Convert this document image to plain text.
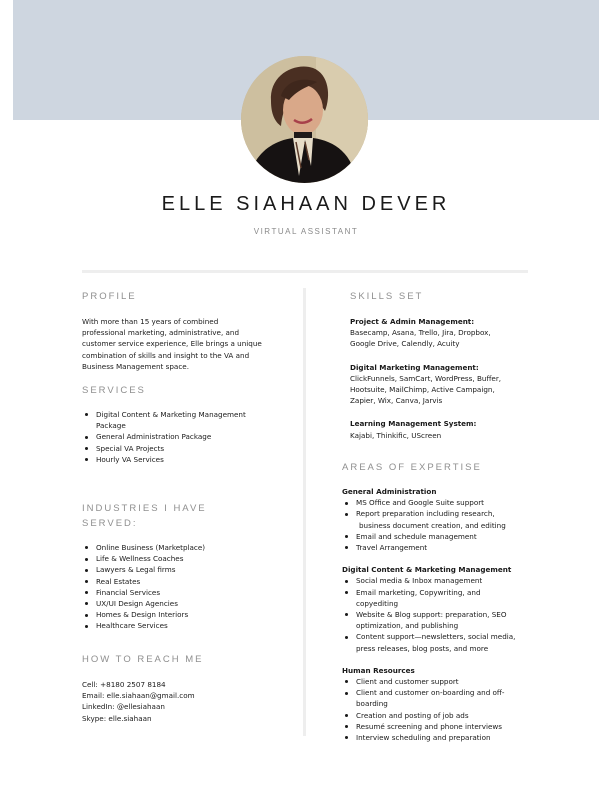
ELLE SIAHAAN DEVER
VIRTUAL ASSISTANT
PROFILE
With more than 15 years of combined professional marketing, administrative, and customer service experience, Elle brings a unique combination of skills and insight to the VA and Business Management space.
SERVICES
Digital Content & Marketing Management Package
General Administration Package
Special VA Projects
Hourly VA Services
INDUSTRIES I HAVE
SERVED:
Online Business (Marketplace)
Life & Wellness Coaches
Lawyers & Legal firms
Real Estates
Financial Services
UX/UI Design Agencies
Homes & Design Interiors
Healthcare Services
HOW TO REACH ME
Cell: +8180 2507 8184
Email: elle.siahaan@gmail.com
LinkedIn: @ellesiahaan
Skype: elle.siahaan
SKILLS SET
Project & Admin Management:
Basecamp, Asana, Trello, Jira, Dropbox,
Google Drive, Calendly, Acuity
Digital Marketing Management:
ClickFunnels, SamCart, WordPress, Buffer,
Hootsuite, MailChimp, Active Campaign,
Zapier, Wix, Canva, Jarvis
Learning Management System:
Kajabi, Thinkific, UScreen
AREAS OF EXPERTISE
General Administration
MS Office and Google Suite support
Report preparation including research,
business document creation, and editing
Email and schedule management
Travel Arrangement
Digital Content & Marketing Management
Social media & Inbox management
Email marketing, Copywriting, and copyediting
Website & Blog support: preparation, SEO optimization, and publishing
Content support—newsletters, social media, press releases, blog posts, and more
Human Resources
Client and customer support
Client and customer on-boarding and off-boarding
Creation and posting of job ads
Resumé screening and phone interviews
Interview scheduling and preparation
